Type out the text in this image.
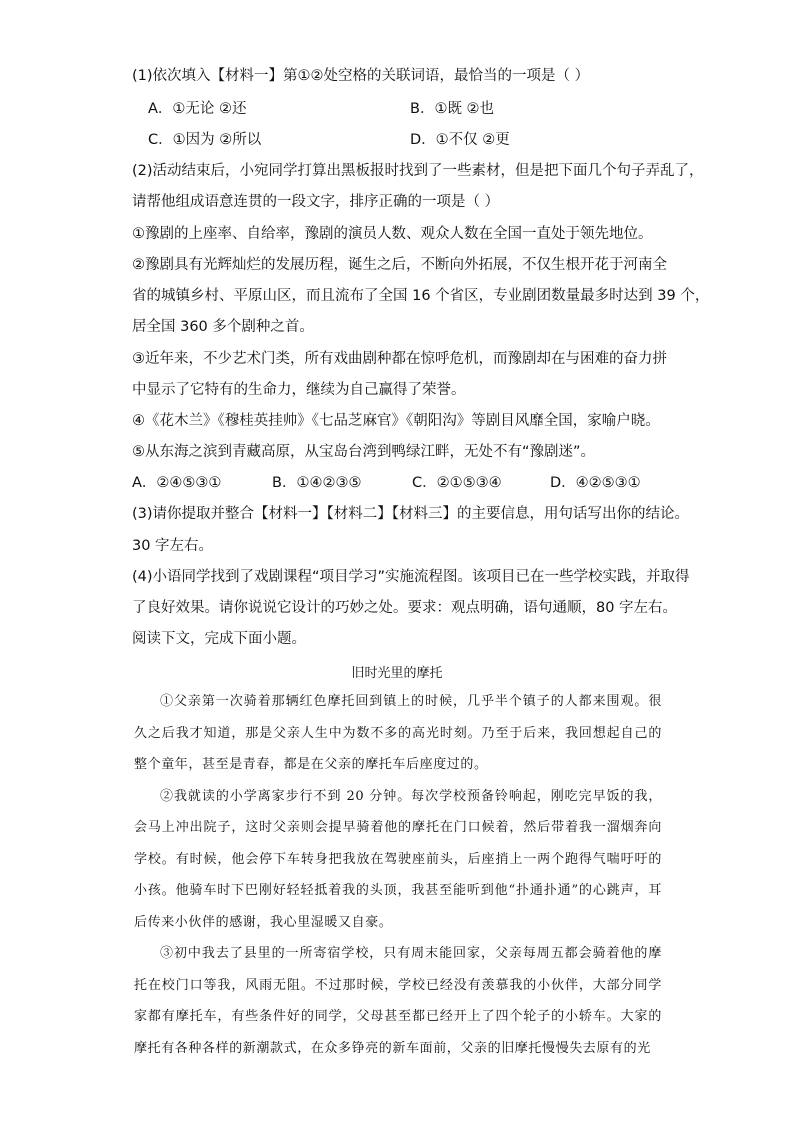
(1)依次填入【材料一】第①②处空格的关联词语，最恰当的一项是（ ）
A．①无论 ②还	B．①既 ②也
C．①因为 ②所以	D．①不仅 ②更
(2)活动结束后，小宛同学打算出黑板报时找到了一些素材，但是把下面几个句子弄乱了，
请帮他组成语意连贯的一段文字，排序正确的一项是（ ）
①豫剧的上座率、自给率，豫剧的演员人数、观众人数在全国一直处于领先地位。
②豫剧具有光辉灿烂的发展历程，诞生之后，不断向外拓展，不仅生根开花于河南全
省的城镇乡村、平原山区，而且流布了全国 16 个省区，专业剧团数量最多时达到 39 个，
居全国 360 多个剧种之首。
③近年来，不少艺术门类，所有戏曲剧种都在惊呼危机，而豫剧却在与困难的奋力拼
中显示了它特有的生命力，继续为自己赢得了荣誉。
④《花木兰》《穆桂英挂帅》《七品芝麻官》《朝阳沟》等剧目风靡全国，家喻户晓。
⑤从东海之滨到青藏高原，从宝岛台湾到鸭绿江畔，无处不有“豫剧迷”。
A．②④⑤③①	B．①④②③⑤	C．②①⑤③④	D．④②⑤③①
(3)请你提取并整合【材料一】【材料二】【材料三】的主要信息，用句话写出你的结论。
30 字左右。
(4)小语同学找到了戏剧课程“项目学习”实施流程图。该项目已在一些学校实践，并取得
了良好效果。请你说说它设计的巧妙之处。要求：观点明确，语句通顺，80 字左右。
阅读下文，完成下面小题。
旧时光里的摩托

①父亲第一次骑着那辆红色摩托回到镇上的时候，几乎半个镇子的人都来围观。很久之后我才知道，那是父亲人生中为数不多的高光时刻。乃至于后来，我回想起自己的整个童年，甚至是青春，都是在父亲的摩托车后座度过的。

②我就读的小学离家步行不到 20 分钟。每次学校预备铃响起，刚吃完早饭的我，会马上冲出院子，这时父亲则会提早骑着他的摩托在门口候着，然后带着我一溜烟奔向学校。有时候，他会停下车转身把我放在驾驶座前头，后座捎上一两个跑得气喘吁吁的小孩。他骑车时下巴刚好轻轻抵着我的头顶，我甚至能听到他“扑通扑通”的心跳声，耳后传来小伙伴的感谢，我心里湿暖又自豪。

③初中我去了县里的一所寄宿学校，只有周末能回家，父亲每周五都会骑着他的摩托在校门口等我，风雨无阻。不过那时候，学校已经没有羡慕我的小伙伴，大部分同学家都有摩托车，有些条件好的同学，父母甚至都已经开上了四个轮子的小轿车。大家的摩托有各种各样的新潮款式，在众多铮亮的新车面前，父亲的旧摩托慢慢失去原有的光
